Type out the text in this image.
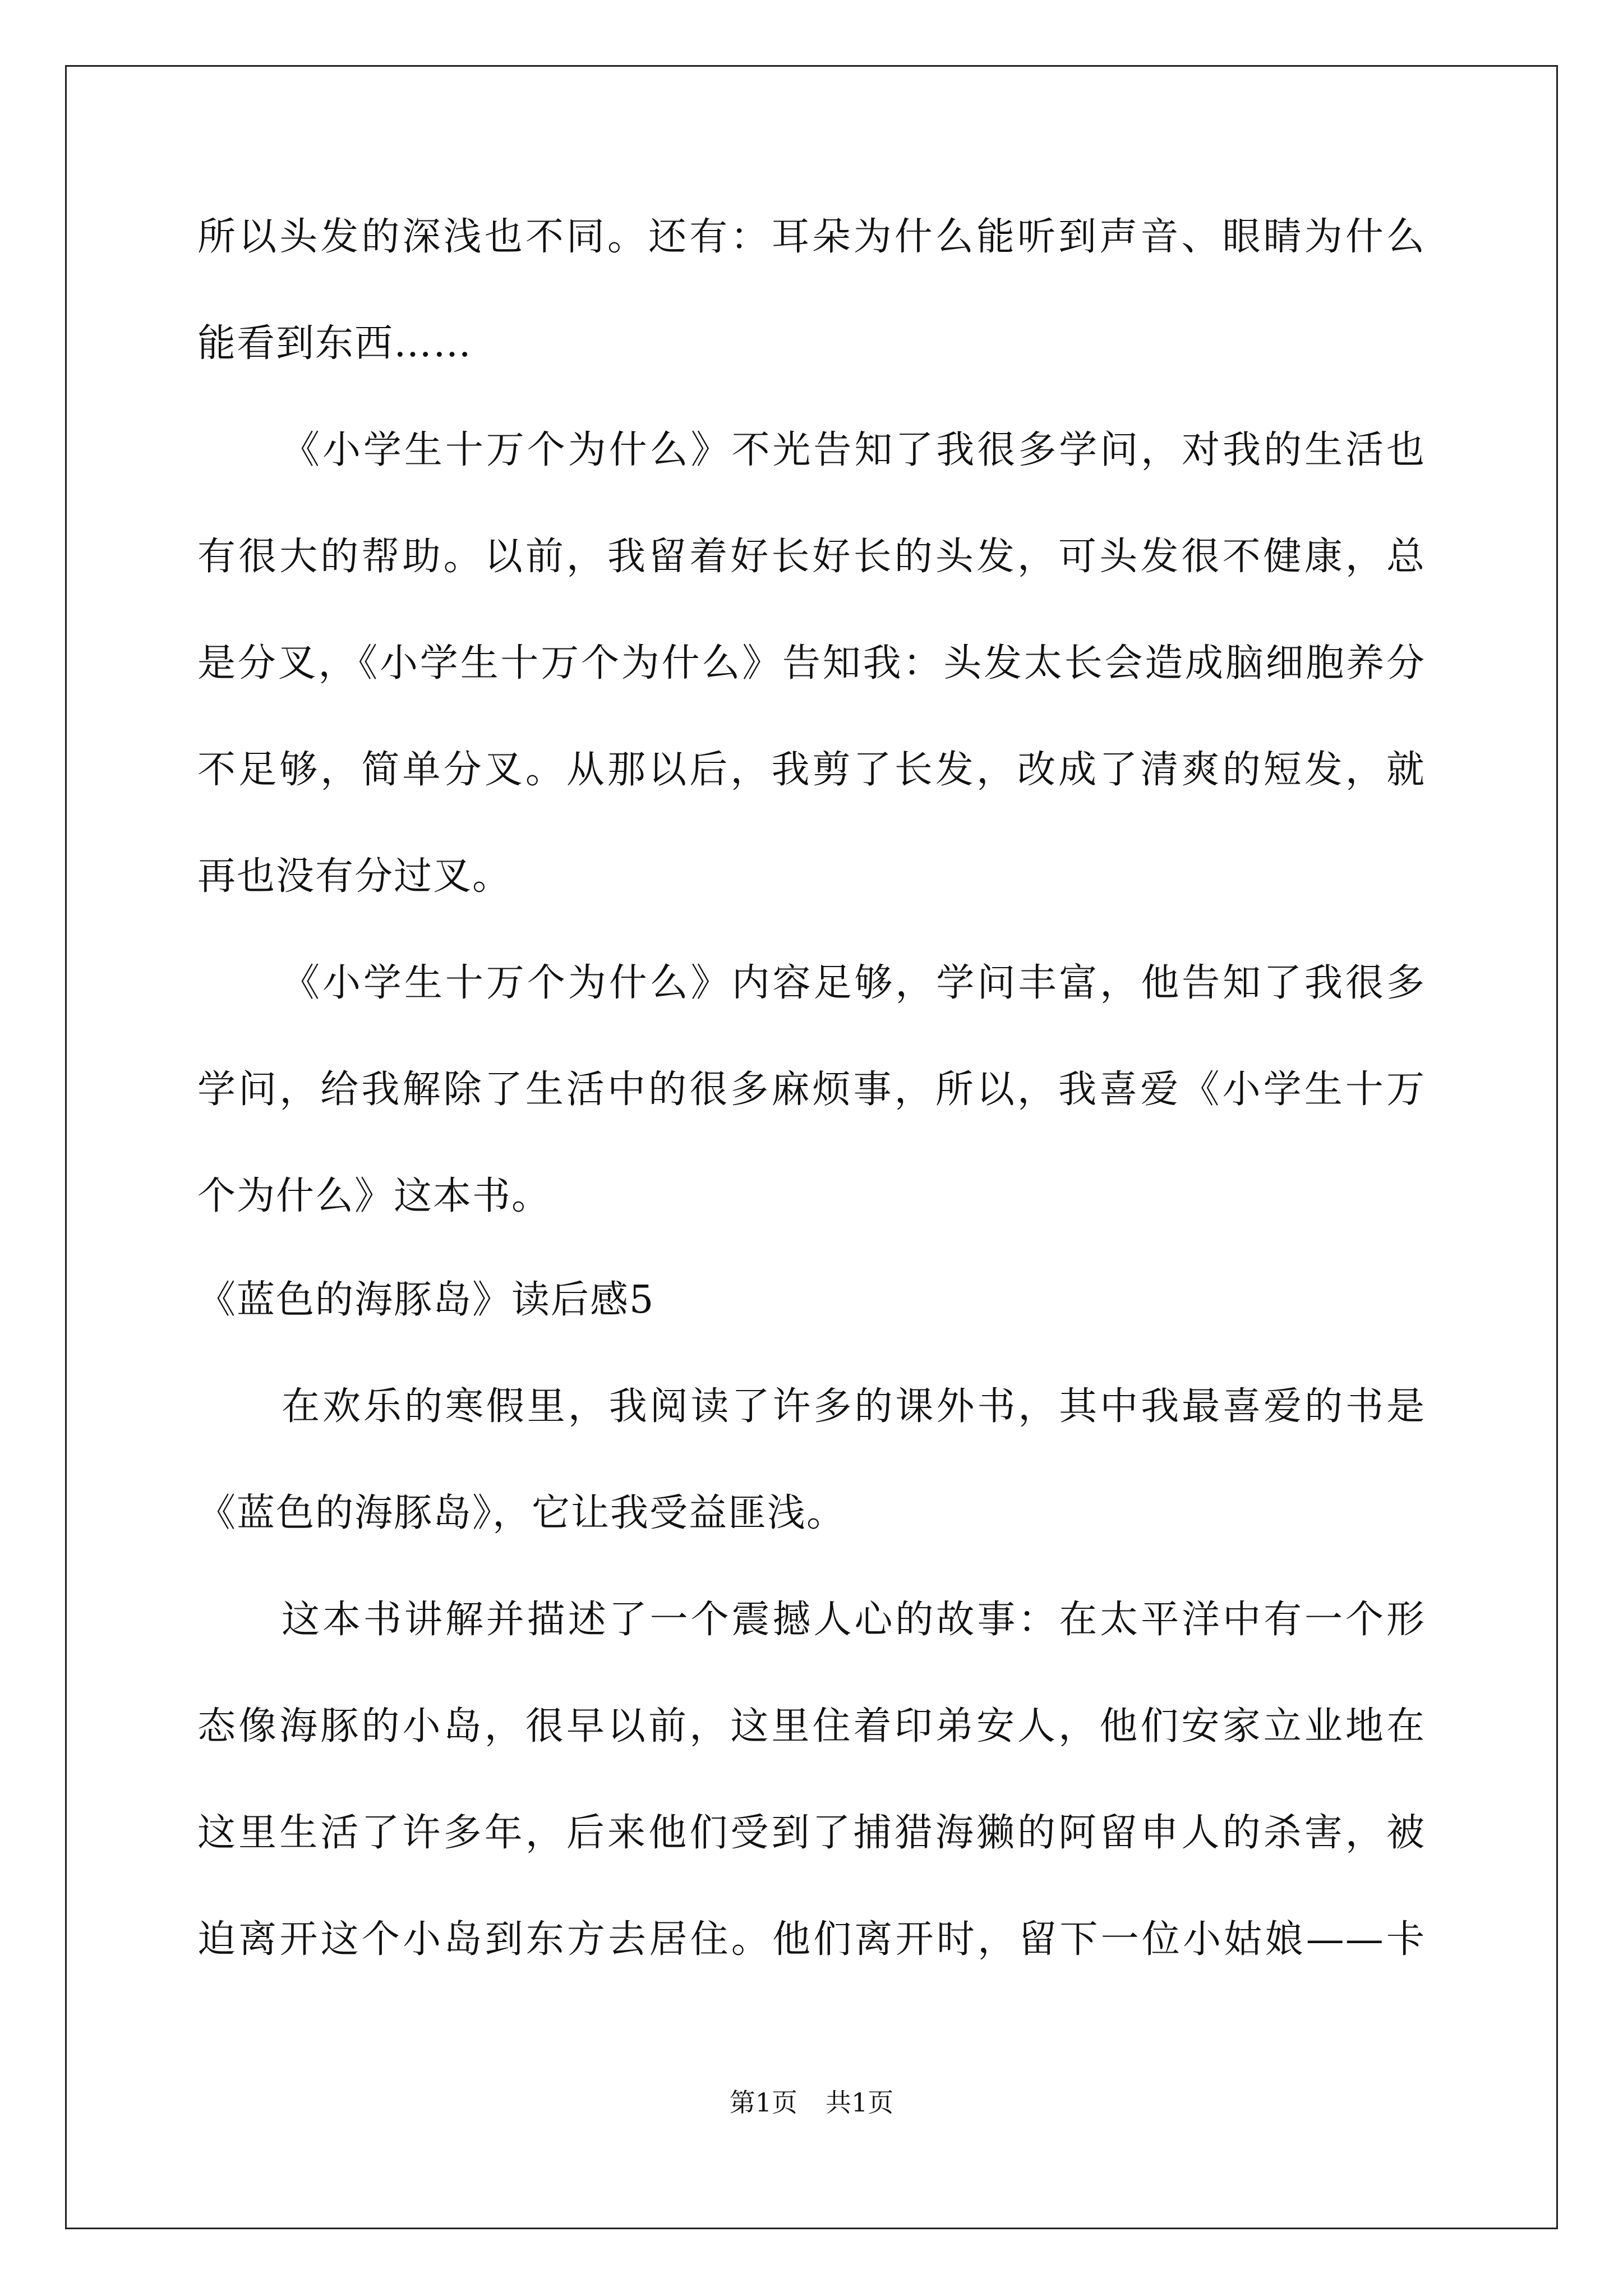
所以头发的深浅也不同。还有：耳朵为什么能听到声音、眼睛为什么
能看到东西……
《小学生十万个为什么》不光告知了我很多学问，对我的生活也
有很大的帮助。以前，我留着好长好长的头发，可头发很不健康，总
是分叉，《小学生十万个为什么》告知我：头发太长会造成脑细胞养分
不足够，简单分叉。从那以后，我剪了长发，改成了清爽的短发，就
再也没有分过叉。
《小学生十万个为什么》内容足够，学问丰富，他告知了我很多
学问，给我解除了生活中的很多麻烦事，所以，我喜爱《小学生十万
个为什么》这本书。
《蓝色的海豚岛》读后感5
在欢乐的寒假里，我阅读了许多的课外书，其中我最喜爱的书是
《蓝色的海豚岛》，它让我受益匪浅。
这本书讲解并描述了一个震撼人心的故事：在太平洋中有一个形
态像海豚的小岛，很早以前，这里住着印弟安人，他们安家立业地在
这里生活了许多年，后来他们受到了捕猎海獭的阿留申人的杀害，被
迫离开这个小岛到东方去居住。他们离开时，留下一位小姑娘——卡
第1页 共1页
